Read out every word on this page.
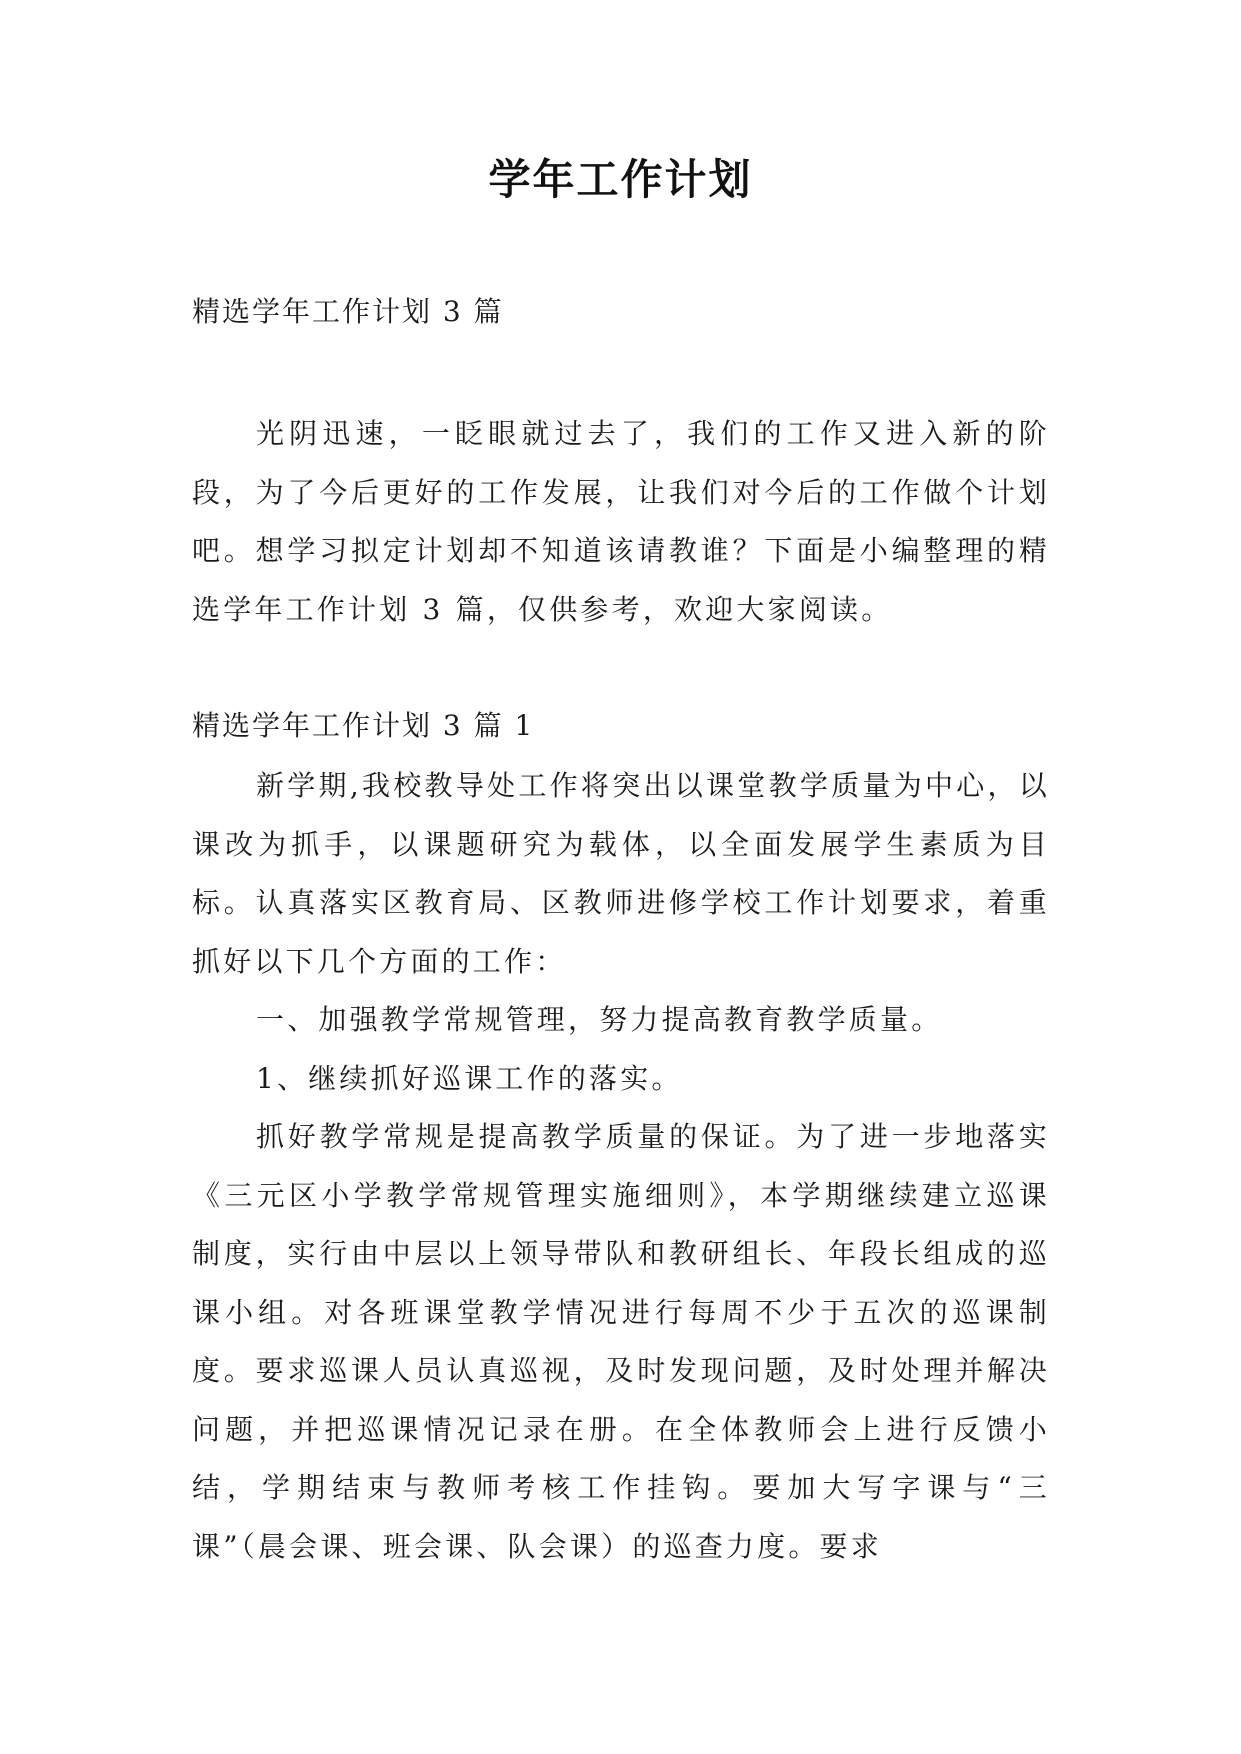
学年工作计划
精选学年工作计划 3 篇

光阴迅速，一眨眼就过去了，我们的工作又进入新的阶段，为了今后更好的工作发展，让我们对今后的工作做个计划吧。想学习拟定计划却不知道该请教谁？下面是小编整理的精选学年工作计划 3 篇，仅供参考，欢迎大家阅读。

精选学年工作计划 3 篇 1

新学期,我校教导处工作将突出以课堂教学质量为中心，以课改为抓手，以课题研究为载体，以全面发展学生素质为目标。认真落实区教育局、区教师进修学校工作计划要求，着重抓好以下几个方面的工作：

一、加强教学常规管理，努力提高教育教学质量。

1、继续抓好巡课工作的落实。

抓好教学常规是提高教学质量的保证。为了进一步地落实《三元区小学教学常规管理实施细则》，本学期继续建立巡课制度，实行由中层以上领导带队和教研组长、年段长组成的巡课小组。对各班课堂教学情况进行每周不少于五次的巡课制度。要求巡课人员认真巡视，及时发现问题，及时处理并解决问题，并把巡课情况记录在册。在全体教师会上进行反馈小结，学期结束与教师考核工作挂钩。要加大写字课与“三课”（晨会课、班会课、队会课）的巡查力度。要求
